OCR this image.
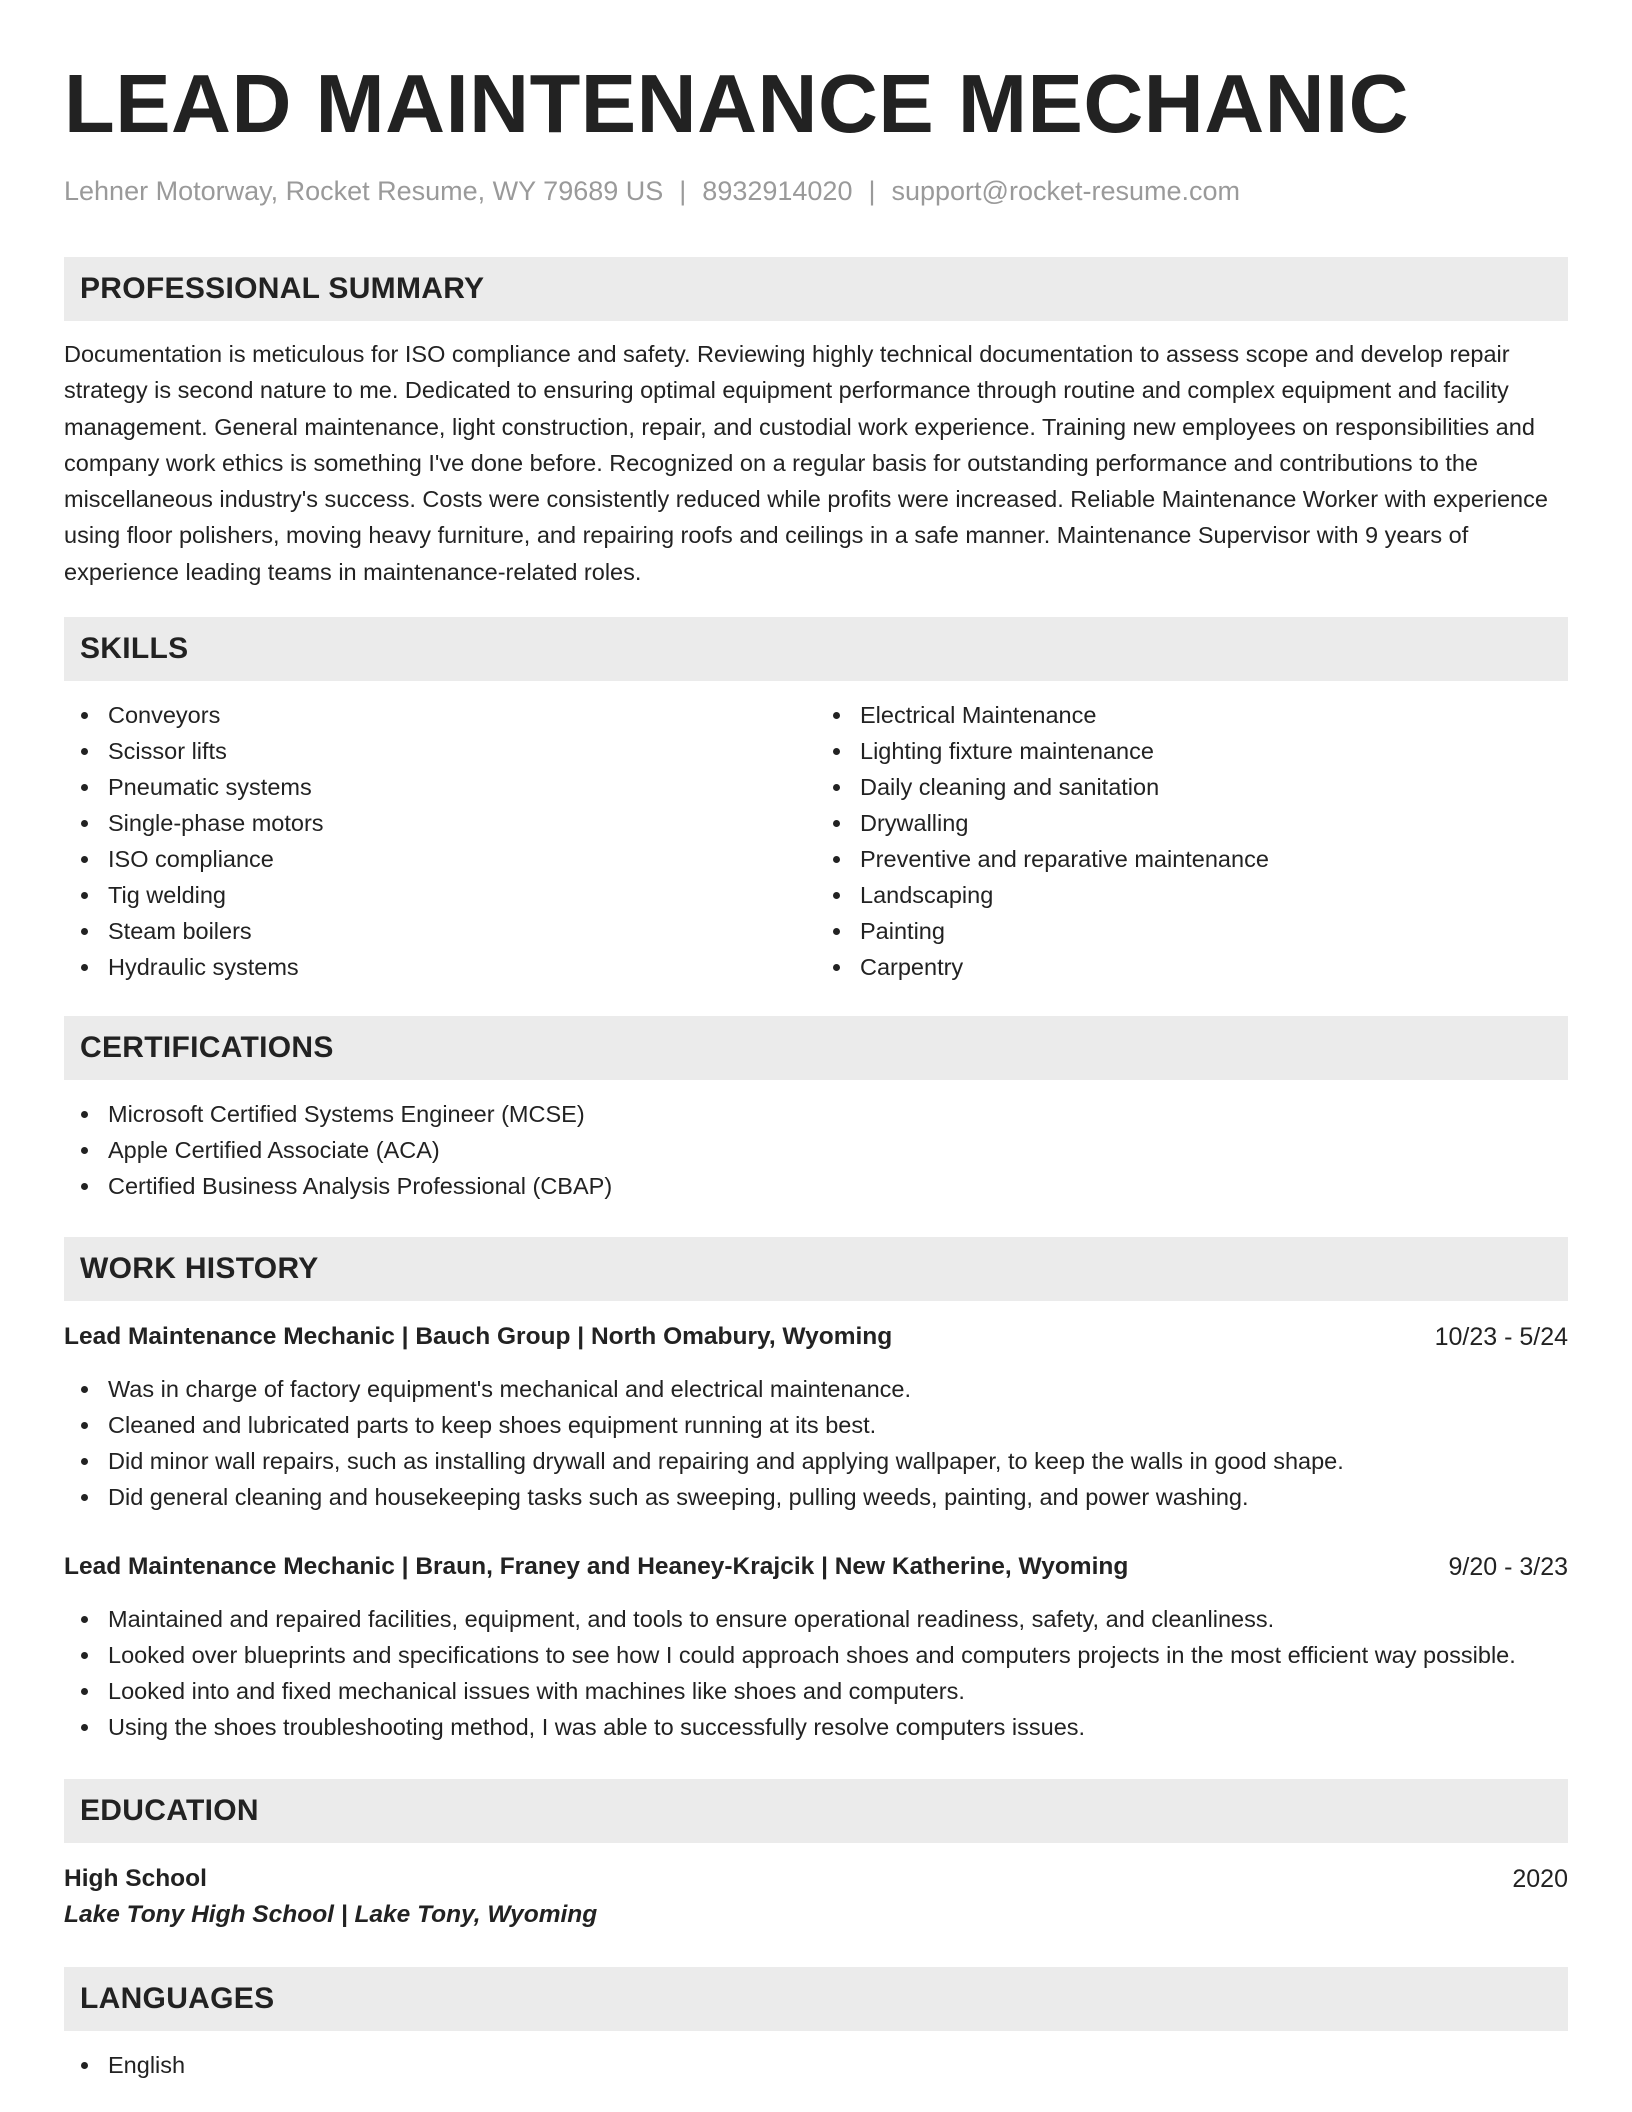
LEAD MAINTENANCE MECHANIC
Lehner Motorway, Rocket Resume, WY 79689 US | 8932914020 | support@rocket-resume.com
PROFESSIONAL SUMMARY

Documentation is meticulous for ISO compliance and safety. Reviewing highly technical documentation to assess scope and develop repair strategy is second nature to me. Dedicated to ensuring optimal equipment performance through routine and complex equipment and facility management. General maintenance, light construction, repair, and custodial work experience. Training new employees on responsibilities and company work ethics is something I've done before. Recognized on a regular basis for outstanding performance and contributions to the miscellaneous industry's success. Costs were consistently reduced while profits were increased. Reliable Maintenance Worker with experience using floor polishers, moving heavy furniture, and repairing roofs and ceilings in a safe manner. Maintenance Supervisor with 9 years of experience leading teams in maintenance-related roles.

SKILLS
Conveyors
Scissor lifts
Pneumatic systems
Single-phase motors
ISO compliance
Tig welding
Steam boilers
Hydraulic systems
Electrical Maintenance
Lighting fixture maintenance
Daily cleaning and sanitation
Drywalling
Preventive and reparative maintenance
Landscaping
Painting
Carpentry
CERTIFICATIONS
Microsoft Certified Systems Engineer (MCSE)
Apple Certified Associate (ACA)
Certified Business Analysis Professional (CBAP)
WORK HISTORY
Lead Maintenance Mechanic | Bauch Group | North Omabury, Wyoming	10/23 - 5/24
Was in charge of factory equipment's mechanical and electrical maintenance.
Cleaned and lubricated parts to keep shoes equipment running at its best.
Did minor wall repairs, such as installing drywall and repairing and applying wallpaper, to keep the walls in good shape.
Did general cleaning and housekeeping tasks such as sweeping, pulling weeds, painting, and power washing.
Lead Maintenance Mechanic | Braun, Franey and Heaney-Krajcik | New Katherine, Wyoming	9/20 - 3/23
Maintained and repaired facilities, equipment, and tools to ensure operational readiness, safety, and cleanliness.
Looked over blueprints and specifications to see how I could approach shoes and computers projects in the most efficient way possible.
Looked into and fixed mechanical issues with machines like shoes and computers.
Using the shoes troubleshooting method, I was able to successfully resolve computers issues.
EDUCATION
High School	2020
Lake Tony High School | Lake Tony, Wyoming
LANGUAGES
English
